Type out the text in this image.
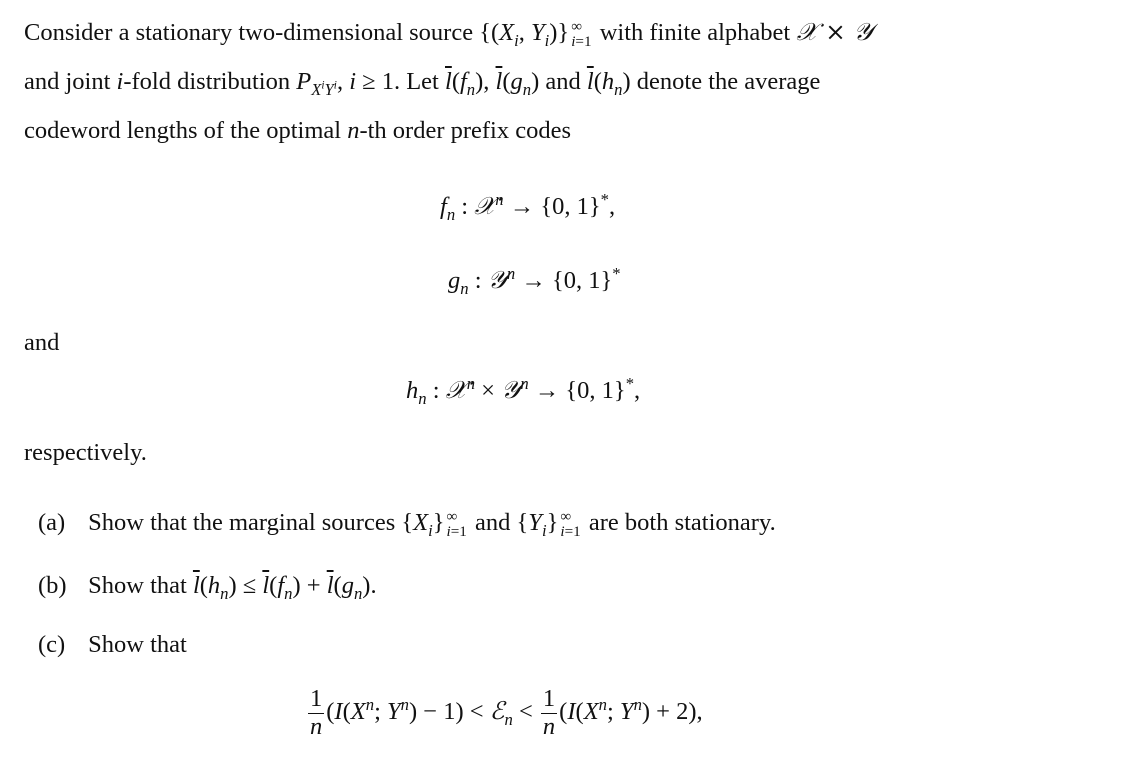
Consider a stationary two-dimensional source {($X_i$, $Y_i$)} ∞
i=1 with finite alphabet 𝒳 × 𝒴
and joint i-fold distribution $P_{X^iY^i}$, i ≥ 1. Let $\overline{l}(f_n)$, $\overline{l}(g_n)$ and $\overline{l}(h_n)$ denote the average
codeword lengths of the optimal n-th order prefix codes
$f_n$ : 𝒳$^n$ → {0, 1}*,
$g_n$ : 𝒴$^n$ → {0, 1}*
and
$h_n$ : 𝒳$^n$ × 𝒴$^n$ → {0, 1}*,
respectively.
(a) Show that the marginal sources $\{X_i\}$ ∞
i=1 and $\{Y_i\}$ ∞
i=1 are both stationary.
(b) Show that $\overline{l}(h_n) \le \overline{l}(f_n) + \overline{l}(g_n)$.
(c) Show that
$\frac{1}{n} (I(X^n$; $Y^n) - 1$) < ℰ$_n$ < $\frac{1}{n} (I(X^n$; $Y^n) + 2$),
